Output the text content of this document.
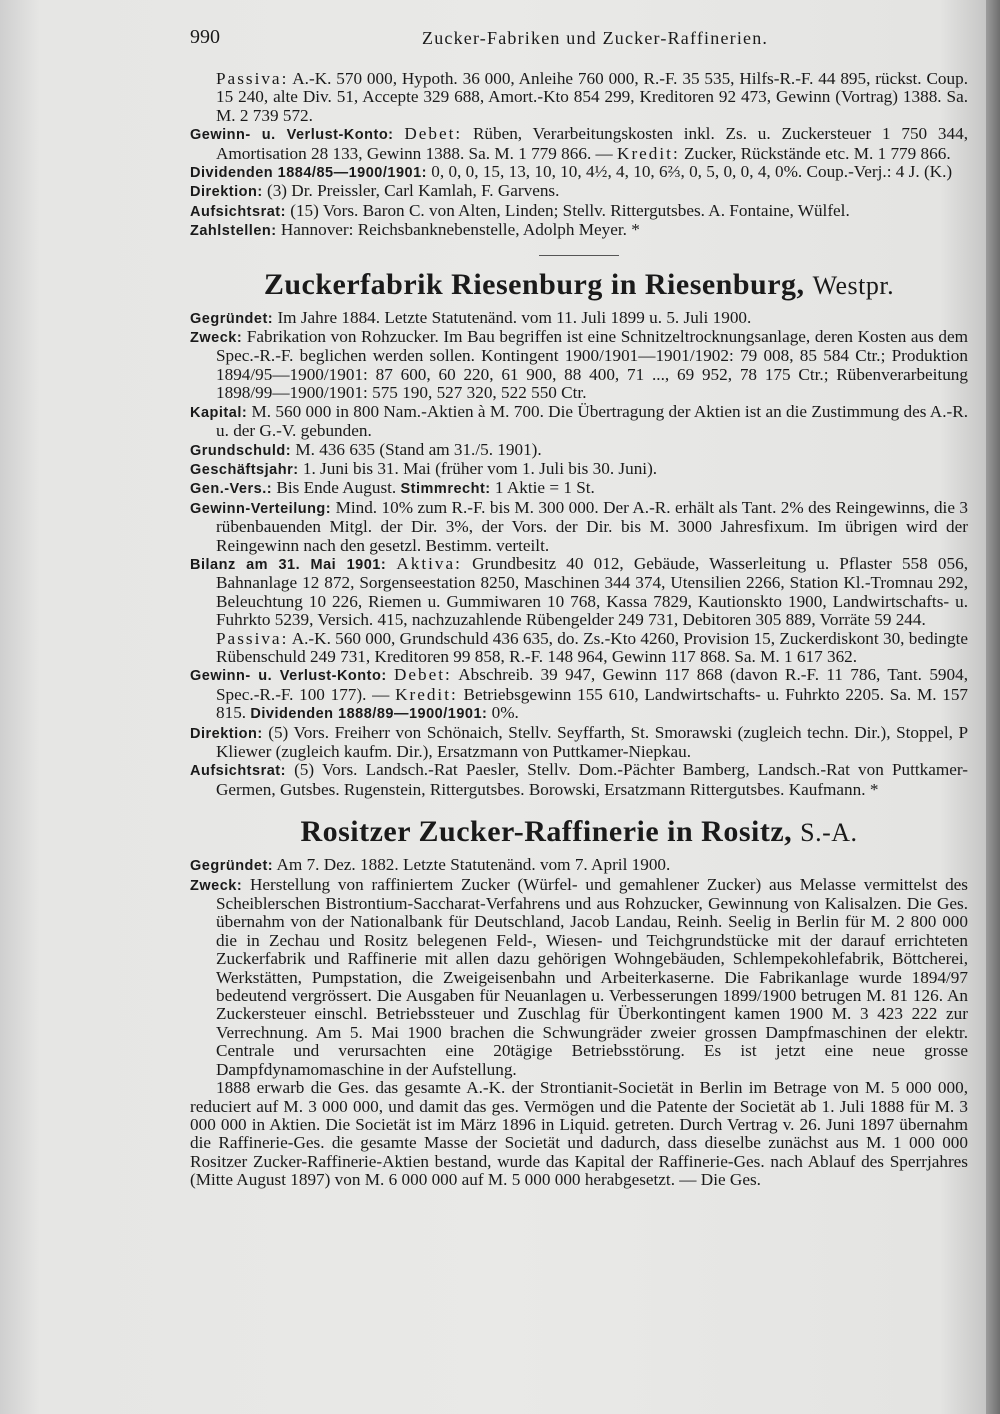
990	Zucker-Fabriken und Zucker-Raffinerien.

Passiva: A.-K. 570 000, Hypoth. 36 000, Anleihe 760 000, R.-F. 35 535, Hilfs-R.-F. 44 895, rückst. Coup. 15 240, alte Div. 51, Accepte 329 688, Amort.-Kto 854 299, Kreditoren 92 473, Gewinn (Vortrag) 1388. Sa. M. 2 739 572.

Gewinn- u. Verlust-Konto: Debet: Rüben, Verarbeitungskosten inkl. Zs. u. Zuckersteuer 1 750 344, Amortisation 28 133, Gewinn 1388. Sa. M. 1 779 866. — Kredit: Zucker, Rückstände etc. M. 1 779 866.

Dividenden 1884/85—1900/1901: 0, 0, 0, 15, 13, 10, 10, 4½, 4, 10, 6⅔, 0, 5, 0, 0, 4, 0%. Coup.-Verj.: 4 J. (K.)

Direktion: (3) Dr. Preissler, Carl Kamlah, F. Garvens.

Aufsichtsrat: (15) Vors. Baron C. von Alten, Linden; Stellv. Rittergutsbes. A. Fontaine, Wülfel.

Zahlstellen: Hannover: Reichsbanknebenstelle, Adolph Meyer. *

Zuckerfabrik Riesenburg in Riesenburg, Westpr.

Gegründet: Im Jahre 1884. Letzte Statutenänd. vom 11. Juli 1899 u. 5. Juli 1900.

Zweck: Fabrikation von Rohzucker. Im Bau begriffen ist eine Schnitzeltrocknungsanlage, deren Kosten aus dem Spec.-R.-F. beglichen werden sollen. Kontingent 1900/1901—1901/1902: 79 008, 85 584 Ctr.; Produktion 1894/95—1900/1901: 87 600, 60 220, 61 900, 88 400, 71 ..., 69 952, 78 175 Ctr.; Rübenverarbeitung 1898/99—1900/1901: 575 190, 527 320, 522 550 Ctr.

Kapital: M. 560 000 in 800 Nam.-Aktien à M. 700. Die Übertragung der Aktien ist an die Zustimmung des A.-R. u. der G.-V. gebunden.

Grundschuld: M. 436 635 (Stand am 31./5. 1901).

Geschäftsjahr: 1. Juni bis 31. Mai (früher vom 1. Juli bis 30. Juni).

Gen.-Vers.: Bis Ende August. Stimmrecht: 1 Aktie = 1 St.

Gewinn-Verteilung: Mind. 10% zum R.-F. bis M. 300 000. Der A.-R. erhält als Tant. 2% des Reingewinns, die 3 rübenbauenden Mitgl. der Dir. 3%, der Vors. der Dir. bis M. 3000 Jahresfixum. Im übrigen wird der Reingewinn nach den gesetzl. Bestimm. verteilt.

Bilanz am 31. Mai 1901: Aktiva: Grundbesitz 40 012, Gebäude, Wasserleitung u. Pflaster 558 056, Bahnanlage 12 872, Sorgenseestation 8250, Maschinen 344 374, Utensilien 2266, Station Kl.-Tromnau 292, Beleuchtung 10 226, Riemen u. Gummiwaren 10 768, Kassa 7829, Kautionskto 1900, Landwirtschafts- u. Fuhrkto 5239, Versich. 415, nachzuzahlende Rübengelder 249 731, Debitoren 305 889, Vorräte 59 244.

Passiva: A.-K. 560 000, Grundschuld 436 635, do. Zs.-Kto 4260, Provision 15, Zuckerdiskont 30, bedingte Rübenschuld 249 731, Kreditoren 99 858, R.-F. 148 964, Gewinn 117 868. Sa. M. 1 617 362.

Gewinn- u. Verlust-Konto: Debet: Abschreib. 39 947, Gewinn 117 868 (davon R.-F. 11 786, Tant. 5904, Spec.-R.-F. 100 177). — Kredit: Betriebsgewinn 155 610, Landwirtschafts- u. Fuhrkto 2205. Sa. M. 157 815. Dividenden 1888/89—1900/1901: 0%.

Direktion: (5) Vors. Freiherr von Schönaich, Stellv. Seyffarth, St. Smorawski (zugleich techn. Dir.), Stoppel, P Kliewer (zugleich kaufm. Dir.), Ersatzmann von Puttkamer-Niepkau.

Aufsichtsrat: (5) Vors. Landsch.-Rat Paesler, Stellv. Dom.-Pächter Bamberg, Landsch.-Rat von Puttkamer-Germen, Gutsbes. Rugenstein, Rittergutsbes. Borowski, Ersatzmann Rittergutsbes. Kaufmann. *

Rositzer Zucker-Raffinerie in Rositz, S.-A.

Gegründet: Am 7. Dez. 1882. Letzte Statutenänd. vom 7. April 1900.

Zweck: Herstellung von raffiniertem Zucker (Würfel- und gemahlener Zucker) aus Melasse vermittelst des Scheiblerschen Bistrontium-Saccharat-Verfahrens und aus Rohzucker, Gewinnung von Kalisalzen. Die Ges. übernahm von der Nationalbank für Deutschland, Jacob Landau, Reinh. Seelig in Berlin für M. 2 800 000 die in Zechau und Rositz belegenen Feld-, Wiesen- und Teichgrundstücke mit der darauf errichteten Zuckerfabrik und Raffinerie mit allen dazu gehörigen Wohngebäuden, Schlempekohlefabrik, Böttcherei, Werkstätten, Pumpstation, die Zweigeisenbahn und Arbeiterkaserne. Die Fabrikanlage wurde 1894/97 bedeutend vergrössert. Die Ausgaben für Neuanlagen u. Verbesserungen 1899/1900 betrugen M. 81 126. An Zuckersteuer einschl. Betriebssteuer und Zuschlag für Überkontingent kamen 1900 M. 3 423 222 zur Verrechnung. Am 5. Mai 1900 brachen die Schwungräder zweier grossen Dampfmaschinen der elektr. Centrale und verursachten eine 20tägige Betriebsstörung. Es ist jetzt eine neue grosse Dampfdynamomaschine in der Aufstellung.

1888 erwarb die Ges. das gesamte A.-K. der Strontianit-Societät in Berlin im Betrage von M. 5 000 000, reduciert auf M. 3 000 000, und damit das ges. Vermögen und die Patente der Societät ab 1. Juli 1888 für M. 3 000 000 in Aktien. Die Societät ist im März 1896 in Liquid. getreten. Durch Vertrag v. 26. Juni 1897 übernahm die Raffinerie-Ges. die gesamte Masse der Societät und dadurch, dass dieselbe zunächst aus M. 1 000 000 Rositzer Zucker-Raffinerie-Aktien bestand, wurde das Kapital der Raffinerie-Ges. nach Ablauf des Sperrjahres (Mitte August 1897) von M. 6 000 000 auf M. 5 000 000 herabgesetzt. — Die Ges.
